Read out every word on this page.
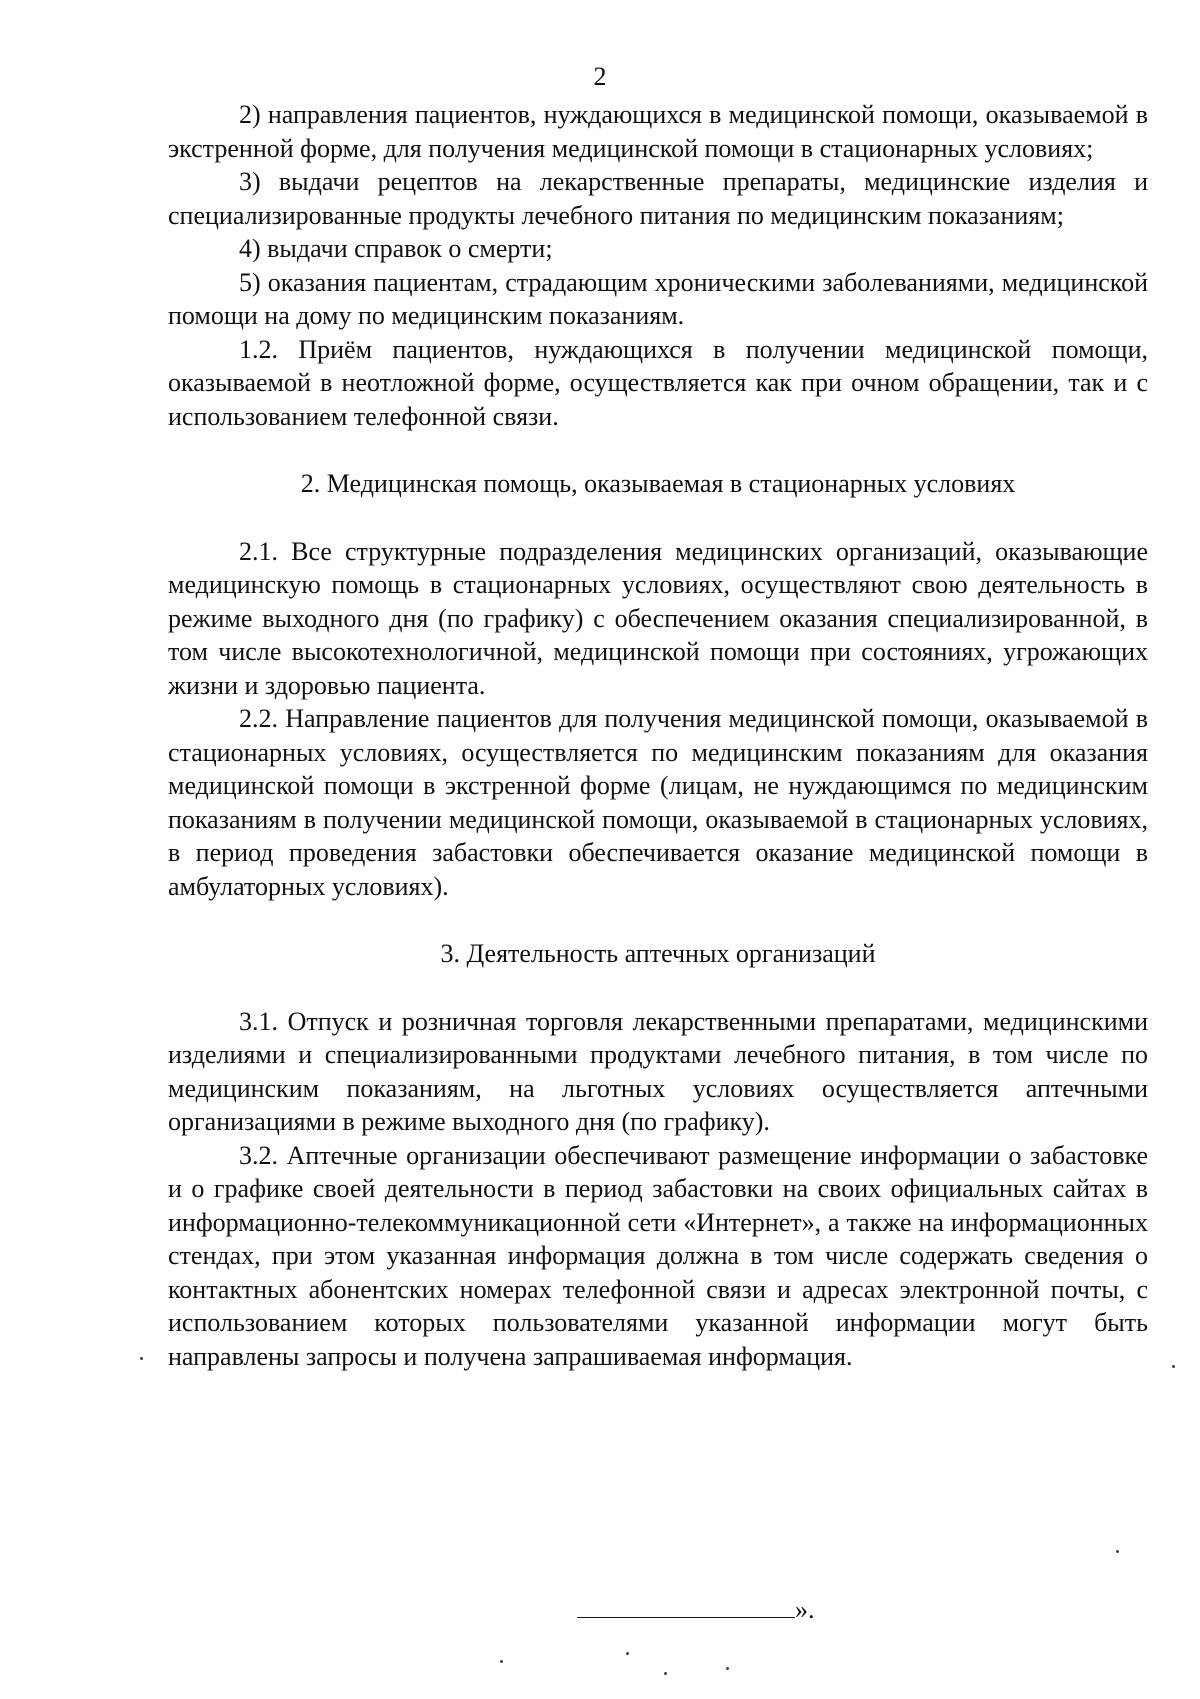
2

2) направления пациентов, нуждающихся в медицинской помощи, оказываемой в экстренной форме, для получения медицинской помощи в стационарных условиях;

3) выдачи рецептов на лекарственные препараты, медицинские изделия и специализированные продукты лечебного питания по медицинским показаниям;

4) выдачи справок о смерти;

5) оказания пациентам, страдающим хроническими заболеваниями, медицинской помощи на дому по медицинским показаниям.

1.2. Приём пациентов, нуждающихся в получении медицинской помощи, оказываемой в неотложной форме, осуществляется как при очном обращении, так и с использованием телефонной связи.

2. Медицинская помощь, оказываемая в стационарных условиях

2.1. Все структурные подразделения медицинских организаций, оказывающие медицинскую помощь в стационарных условиях, осуществляют свою деятельность в режиме выходного дня (по графику) с обеспечением оказания специализированной, в том числе высокотехнологичной, медицинской помощи при состояниях, угрожающих жизни и здоровью пациента.

2.2. Направление пациентов для получения медицинской помощи, оказываемой в стационарных условиях, осуществляется по медицинским показаниям для оказания медицинской помощи в экстренной форме (лицам, не нуждающимся по медицинским показаниям в получении медицинской помощи, оказываемой в стационарных условиях, в период проведения забастовки обеспечивается оказание медицинской помощи в амбулаторных условиях).

3. Деятельность аптечных организаций

3.1. Отпуск и розничная торговля лекарственными препаратами, медицинскими изделиями и специализированными продуктами лечебного питания, в том числе по медицинским показаниям, на льготных условиях осуществляется аптечными организациями в режиме выходного дня (по графику).

3.2. Аптечные организации обеспечивают размещение информации о забастовке и о графике своей деятельности в период забастовки на своих официальных сайтах в информационно-телекоммуникационной сети «Интернет», а также на информационных стендах, при этом указанная информация должна в том числе содержать сведения о контактных абонентских номерах телефонной связи и адресах электронной почты, с использованием которых пользователями указанной информации могут быть направлены запросы и получена запрашиваемая информация.

».
